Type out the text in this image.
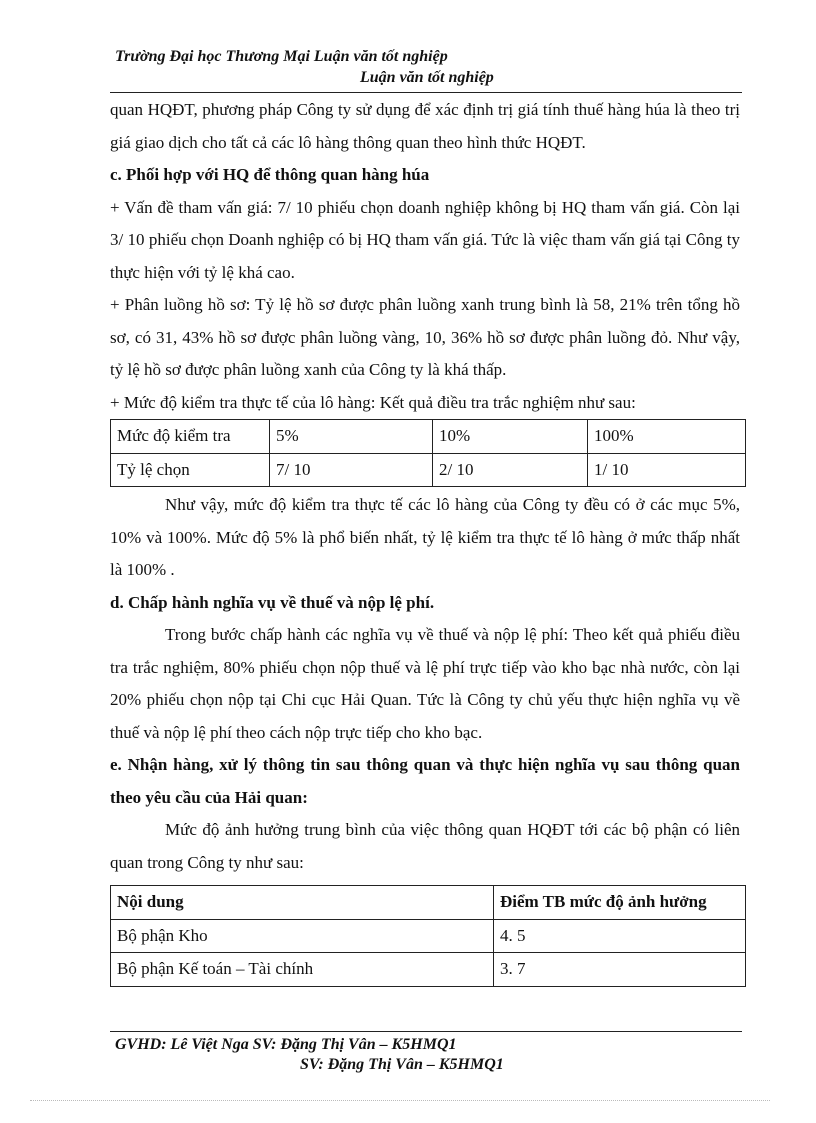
Trường Đại học Thương Mại Luận văn tốt nghiệp
Luận văn tốt nghiệp

quan HQĐT, phương pháp Công ty sử dụng để xác định trị giá tính thuế hàng húa là theo trị giá giao dịch cho tất cả các lô hàng thông quan theo hình thức HQĐT.

c. Phối hợp với HQ để thông quan hàng húa

+ Vấn đề tham vấn giá: 7/ 10 phiếu chọn doanh nghiệp không bị HQ tham vấn giá. Còn lại 3/ 10 phiếu chọn Doanh nghiệp có bị HQ tham vấn giá. Tức là việc tham vấn giá tại Công ty thực hiện với tỷ lệ khá cao.

+ Phân luồng hồ sơ: Tỷ lệ hồ sơ được phân luồng xanh trung bình là 58, 21% trên tổng hồ sơ, có 31, 43% hồ sơ được phân luồng vàng, 10, 36% hồ sơ được phân luồng đỏ. Như vậy, tỷ lệ hồ sơ được phân luồng xanh của Công ty là khá thấp.

+ Mức độ kiểm tra thực tế của lô hàng: Kết quả điều tra trắc nghiệm như sau:

Mức độ kiểm tra	5%	10%	100%
Tỷ lệ chọn	7/ 10	2/ 10	1/ 10

Như vậy, mức độ kiểm tra thực tế các lô hàng của Công ty đều có ở các mục 5%, 10% và 100%. Mức độ 5% là phổ biến nhất, tỷ lệ kiểm tra thực tế lô hàng ở mức thấp nhất là 100% .

d. Chấp hành nghĩa vụ về thuế và nộp lệ phí.

Trong bước chấp hành các nghĩa vụ về thuế và nộp lệ phí: Theo kết quả phiếu điều tra trắc nghiệm, 80% phiếu chọn nộp thuế và lệ phí trực tiếp vào kho bạc nhà nước, còn lại 20% phiếu chọn nộp tại Chi cục Hải Quan. Tức là Công ty chủ yếu thực hiện nghĩa vụ về thuế và nộp lệ phí theo cách nộp trực tiếp cho kho bạc.

e. Nhận hàng, xử lý thông tin sau thông quan và thực hiện nghĩa vụ sau thông quan theo yêu cầu của Hải quan:

Mức độ ảnh hưởng trung bình của việc thông quan HQĐT tới các bộ phận có liên quan trong Công ty như sau:

Nội dung	Điểm TB mức độ ảnh hưởng
Bộ phận Kho	4. 5
Bộ phận Kế toán – Tài chính	3. 7
GVHD: Lê Việt Nga SV: Đặng Thị Vân – K5HMQ1
SV: Đặng Thị Vân – K5HMQ1
